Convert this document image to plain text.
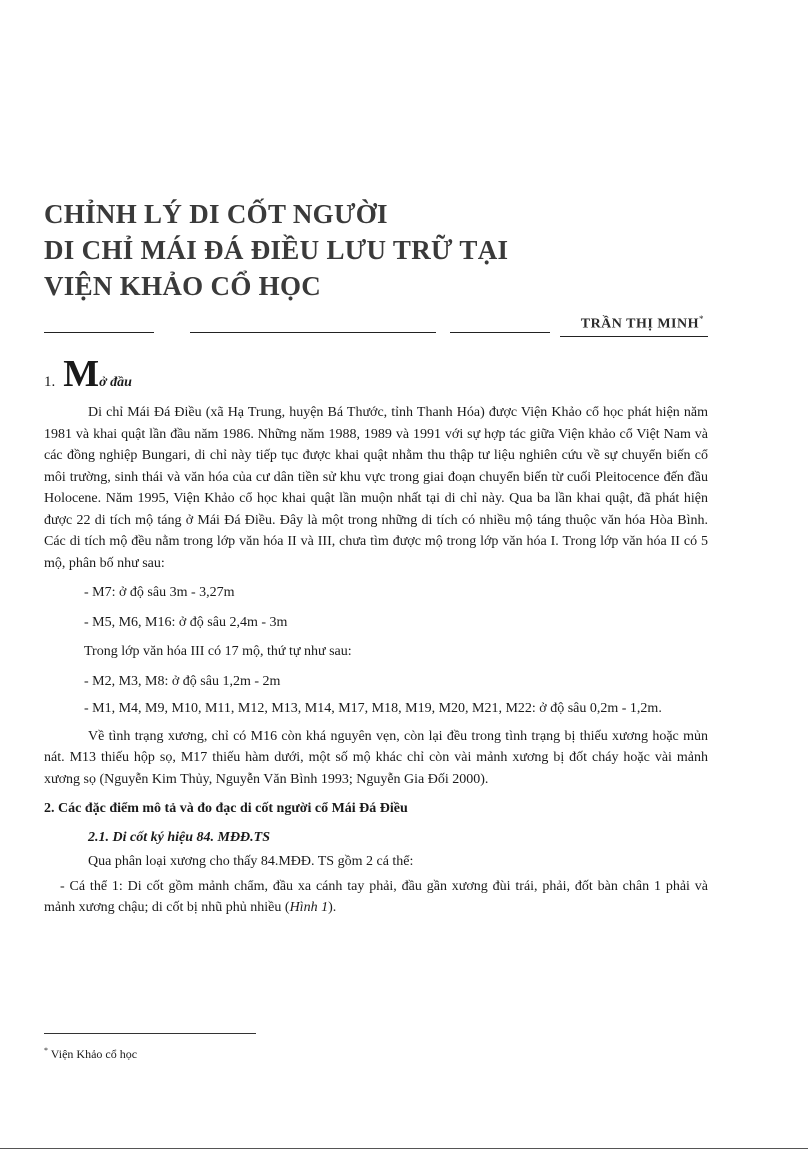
CHỈNH LÝ DI CỐT NGƯỜI
DI CHỈ MÁI ĐÁ ĐIỀU LƯU TRỮ TẠI
VIỆN KHẢO CỔ HỌC
TRẦN THỊ MINH*
1. Mở đầu

Di chỉ Mái Đá Điều (xã Hạ Trung, huyện Bá Thước, tỉnh Thanh Hóa) được Viện Khảo cổ học phát hiện năm 1981 và khai quật lần đầu năm 1986. Những năm 1988, 1989 và 1991 với sự hợp tác giữa Viện khảo cổ Việt Nam và các đồng nghiệp Bungari, di chỉ này tiếp tục được khai quật nhằm thu thập tư liệu nghiên cứu về sự chuyển biến cổ môi trường, sinh thái và văn hóa của cư dân tiền sử khu vực trong giai đoạn chuyển biến từ cuối Pleitocence đến đầu Holocene. Năm 1995, Viện Khảo cổ học khai quật lần muộn nhất tại di chỉ này. Qua ba lần khai quật, đã phát hiện được 22 di tích mộ táng ở Mái Đá Điều. Đây là một trong những di tích có nhiều mộ táng thuộc văn hóa Hòa Bình. Các di tích mộ đều nằm trong lớp văn hóa II và III, chưa tìm được mộ trong lớp văn hóa I. Trong lớp văn hóa II có 5 mộ, phân bố như sau:

- M7: ở độ sâu 3m - 3,27m

- M5, M6, M16: ở độ sâu 2,4m - 3m

Trong lớp văn hóa III có 17 mộ, thứ tự như sau:

- M2, M3, M8: ở độ sâu 1,2m - 2m

- M1, M4, M9, M10, M11, M12, M13, M14, M17, M18, M19, M20, M21, M22: ở độ sâu 0,2m - 1,2m.

Về tình trạng xương, chỉ có M16 còn khá nguyên vẹn, còn lại đều trong tình trạng bị thiếu xương hoặc mủn nát. M13 thiếu hộp sọ, M17 thiếu hàm dưới, một số mộ khác chỉ còn vài mảnh xương bị đốt cháy hoặc vài mảnh xương sọ (Nguyễn Kim Thủy, Nguyễn Văn Bình 1993; Nguyễn Gia Đối 2000).

2. Các đặc điểm mô tả và đo đạc di cốt người cổ Mái Đá Điều

2.1. Di cốt ký hiệu 84. MĐĐ.TS

Qua phân loại xương cho thấy 84.MĐĐ. TS gồm 2 cá thể:

- Cá thể 1: Di cốt gồm mảnh chẩm, đầu xa cánh tay phải, đầu gần xương đùi trái, phải, đốt bàn chân 1 phải và mảnh xương chậu; di cốt bị nhũ phủ nhiều (Hình 1).

* Viện Khảo cổ học
